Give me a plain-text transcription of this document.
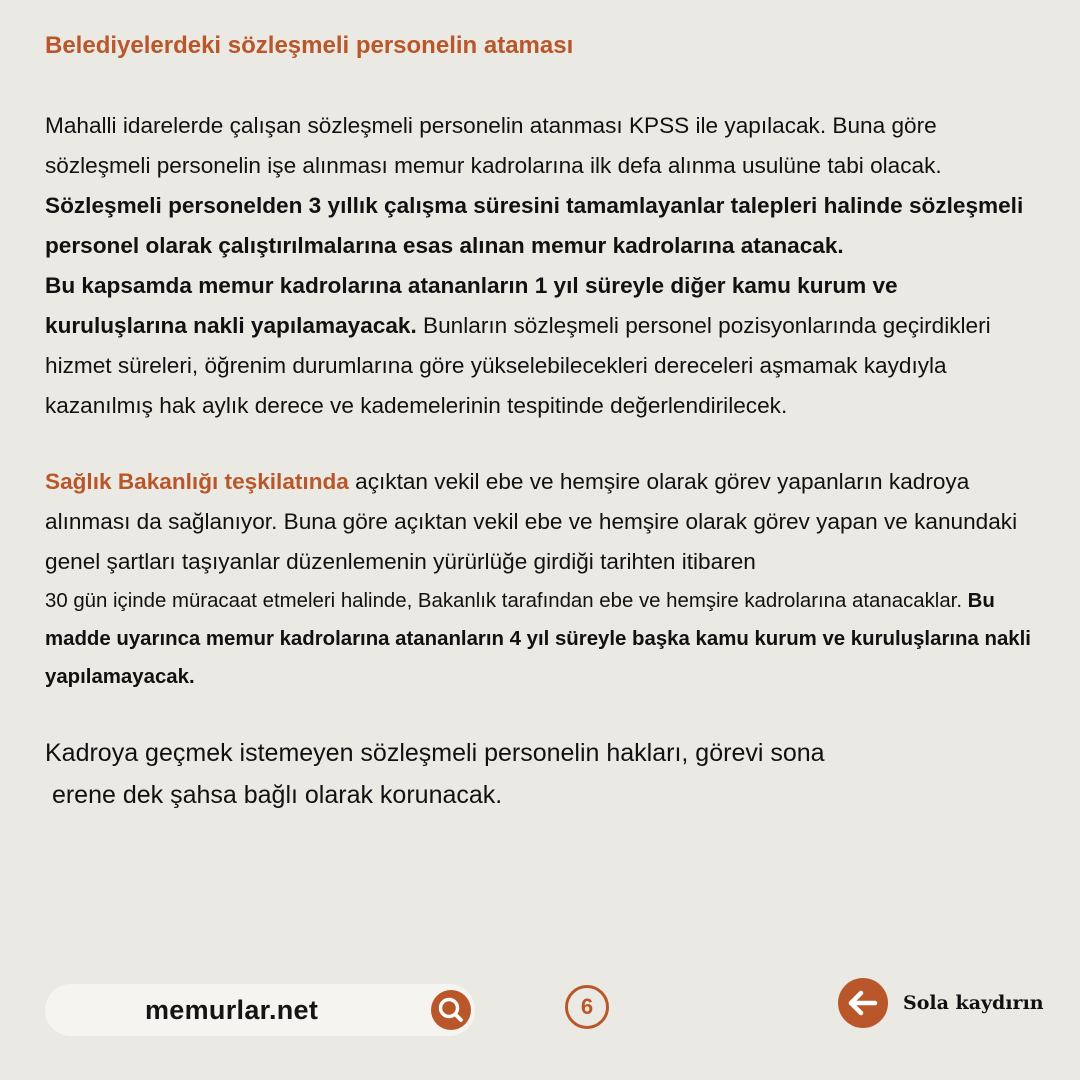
Belediyelerdeki sözleşmeli personelin ataması

Mahalli idarelerde çalışan sözleşmeli personelin atanması KPSS ile yapılacak. Buna göre sözleşmeli personelin işe alınması memur kadrolarına ilk defa alınma usulüne tabi olacak. Sözleşmeli personelden 3 yıllık çalışma süresini tamamlayanlar talepleri halinde sözleşmeli personel olarak çalıştırılmalarına esas alınan memur kadrolarına atanacak.
Bu kapsamda memur kadrolarına atananların 1 yıl süreyle diğer kamu kurum ve kuruluşlarına nakli yapılamayacak. Bunların sözleşmeli personel pozisyonlarında geçirdikleri hizmet süreleri, öğrenim durumlarına göre yükselebilecekleri dereceleri aşmamak kaydıyla kazanılmış hak aylık derece ve kademelerinin tespitinde değerlendirilecek.

Sağlık Bakanlığı teşkilatında açıktan vekil ebe ve hemşire olarak görev yapanların kadroya alınması da sağlanıyor. Buna göre açıktan vekil ebe ve hemşire olarak görev yapan ve kanundaki genel şartları taşıyanlar düzenlemenin yürürlüğe girdiği tarihten itibaren

30 gün içinde müracaat etmeleri halinde, Bakanlık tarafından ebe ve hemşire kadrolarına atanacaklar. Bu madde uyarınca memur kadrolarına atananların 4 yıl süreyle başka kamu kurum ve kuruluşlarına nakli yapılamayacak.

Kadroya geçmek istemeyen sözleşmeli personelin hakları, görevi sona
erene dek şahsa bağlı olarak korunacak.

memurlar.net	6	Sola kaydırın
